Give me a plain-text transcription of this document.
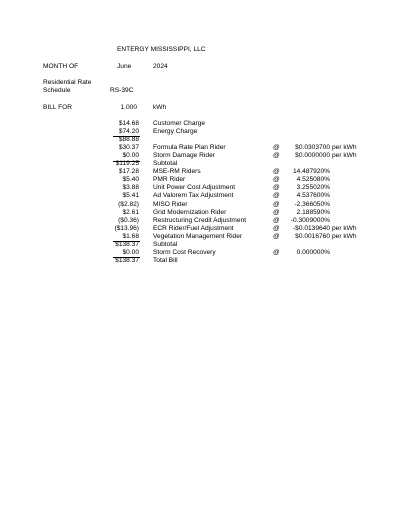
ENTERGY MISSISSIPPI, LLC
MONTH OF	June	2024
Residential Rate
Schedule	RS-39C
BILL FOR	1.000 kWh
$14.68 Customer Charge
$74.20 Energy Charge
$88.88
$30.37 Formula Rate Plan Rider	@	$0.0303700 per kWh
$0.00 Storm Damage Rider	@	$0.0000000 per kWh
$119.25 Subtotal
$17.28 MSE-RM Riders	@	14.487920%
$5.40 PMR Rider	@	4.525080%
$3.88 Unit Power Cost Adjustment	@	3.255020%
$5.41 Ad Valorem Tax Adjustment	@	4.537600%
($2.82) MISO Rider	@	-2.366050%
$2.61 Grid Modernization Rider	@	2.188590%
($0.36) Restructuring Credit Adjustment	@	-0.3009000%
($13.96) ECR Rider/Fuel Adjustment	@	-$0.0139640 per kWh
$1.68 Vegetation Management Rider	@	$0.0016760 per kWh
$138.37 Subtotal
$0.00 Storm Cost Recovery	@	0.000000%
$138.37 Total Bill
